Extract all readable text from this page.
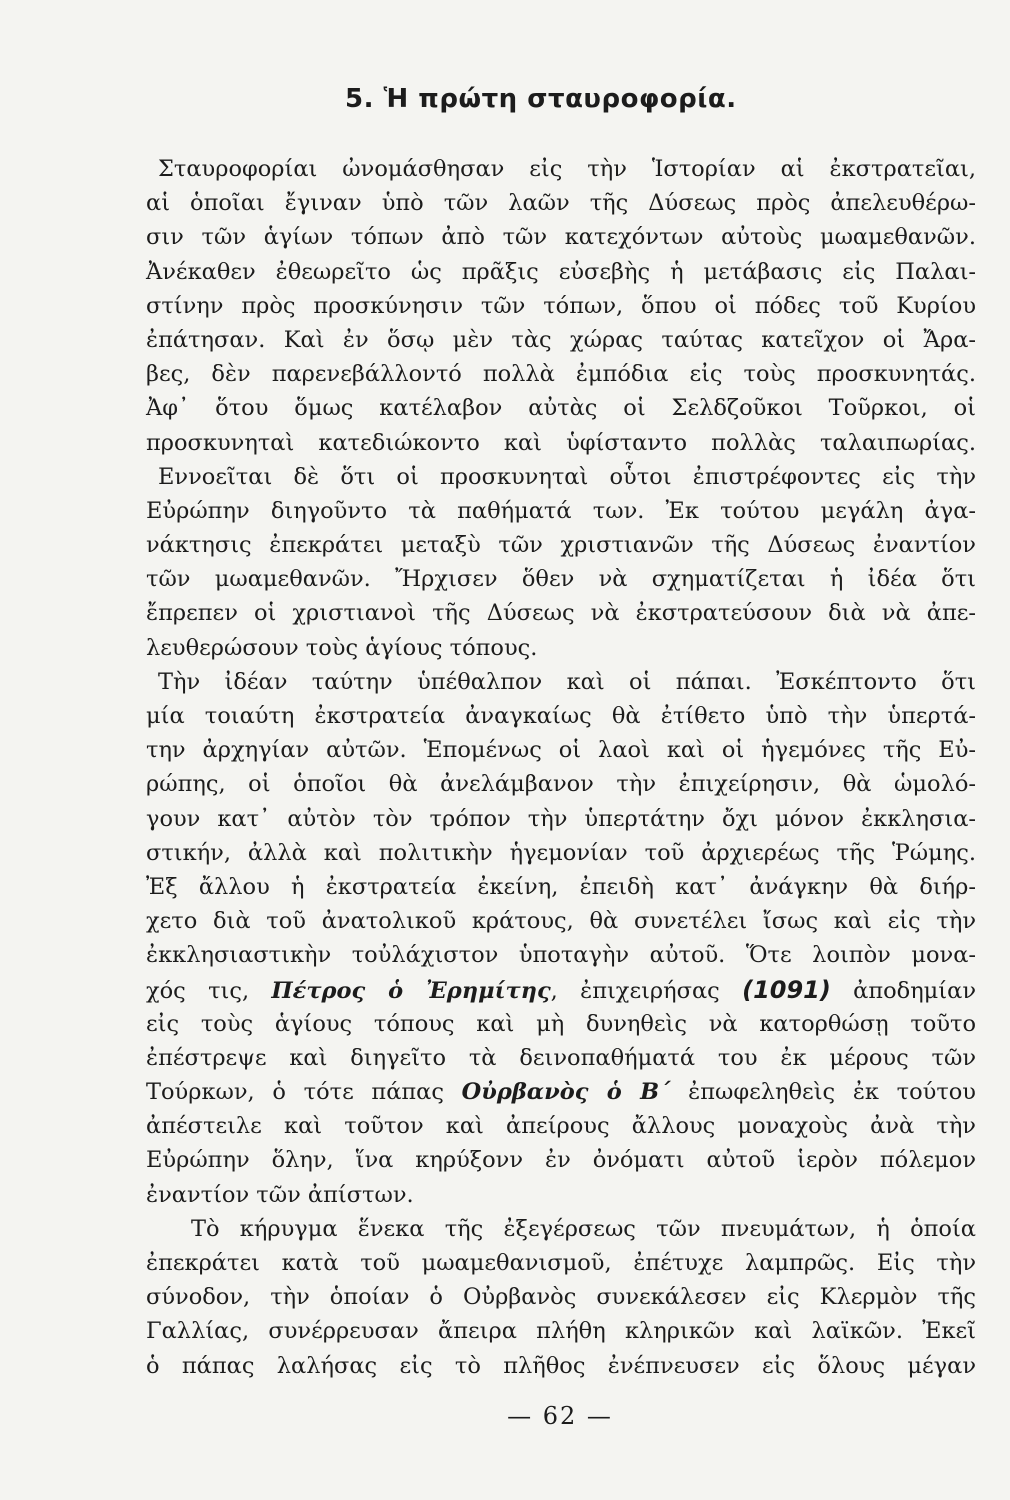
5. Ἡ πρώτη σταυροφορία.
Σταυροφορίαι ὠνομάσθησαν εἰς τὴν Ἱστορίαν αἱ ἐκστρατεῖαι,
αἱ ὁποῖαι ἔγιναν ὑπὸ τῶν λαῶν τῆς Δύσεως πρὸς ἀπελευθέρω-
σιν τῶν ἁγίων τόπων ἀπὸ τῶν κατεχόντων αὐτοὺς μωαμεθανῶν.
Ἀνέκαθεν ἐθεωρεῖτο ὡς πρᾶξις εὐσεβὴς ἡ μετάβασις εἰς Παλαι-
στίνην πρὸς προσκύνησιν τῶν τόπων, ὅπου οἱ πόδες τοῦ Κυρίου
ἐπάτησαν. Καὶ ἐν ὅσῳ μὲν τὰς χώρας ταύτας κατεῖχον οἱ Ἄρα-
βες, δὲν παρενεβάλλοντό πολλὰ ἐμπόδια εἰς τοὺς προσκυνητάς.
Ἀφ᾽ ὅτου ὅμως κατέλαβον αὐτὰς οἱ Σελδζοῦκοι Τοῦρκοι, οἱ
προσκυνηταὶ κατεδιώκοντο καὶ ὑφίσταντο πολλὰς ταλαιπωρίας.
Εννοεῖται δὲ ὅτι οἱ προσκυνηταὶ οὗτοι ἐπιστρέφοντες εἰς τὴν
Εὐρώπην διηγοῦντο τὰ παθήματά των. Ἐκ τούτου μεγάλη ἀγα-
νάκτησις ἐπεκράτει μεταξὺ τῶν χριστιανῶν τῆς Δύσεως ἐναντίον
τῶν μωαμεθανῶν. Ἤρχισεν ὅθεν νὰ σχηματίζεται ἡ ἰδέα ὅτι
ἔπρεπεν οἱ χριστιανοὶ τῆς Δύσεως νὰ ἐκστρατεύσουν διὰ νὰ ἀπε-
λευθερώσουν τοὺς ἁγίους τόπους.
Τὴν ἰδέαν ταύτην ὑπέθαλπον καὶ οἱ πάπαι. Ἐσκέπτοντο ὅτι
μία τοιαύτη ἐκστρατεία ἀναγκαίως θὰ ἐτίθετο ὑπὸ τὴν ὑπερτά-
την ἀρχηγίαν αὐτῶν. Ἑπομένως οἱ λαοὶ καὶ οἱ ἡγεμόνες τῆς Εὐ-
ρώπης, οἱ ὁποῖοι θὰ ἀνελάμβανον τὴν ἐπιχείρησιν, θὰ ὡμολό-
γουν κατ᾽ αὐτὸν τὸν τρόπον τὴν ὑπερτάτην ὄχι μόνον ἐκκλησια-
στικήν, ἀλλὰ καὶ πολιτικὴν ἡγεμονίαν τοῦ ἀρχιερέως τῆς Ῥώμης.
Ἐξ ἄλλου ἡ ἐκστρατεία ἐκείνη, ἐπειδὴ κατ᾽ ἀνάγκην θὰ διήρ-
χετο διὰ τοῦ ἀνατολικοῦ κράτους, θὰ συνετέλει ἴσως καὶ εἰς τὴν
ἐκκλησιαστικὴν τοὐλάχιστον ὑποταγὴν αὐτοῦ. Ὅτε λοιπὸν μονα-
χός τις, Πέτρος ὁ Ἐρημίτης, ἐπιχειρήσας (1091) ἀποδημίαν
εἰς τοὺς ἁγίους τόπους καὶ μὴ δυνηθεὶς νὰ κατορθώσῃ τοῦτο
ἐπέστρεψε καὶ διηγεῖτο τὰ δεινοπαθήματά του ἐκ μέρους τῶν
Τούρκων, ὁ τότε πάπας Οὐρβανὸς ὁ Β΄ ἐπωφεληθεὶς ἐκ τούτου
ἀπέστειλε καὶ τοῦτον καὶ ἀπείρους ἄλλους μοναχοὺς ἀνὰ τὴν
Εὐρώπην ὅλην, ἵνα κηρύξονν ἐν ὀνόματι αὐτοῦ ἱερὸν πόλεμον
ἐναντίον τῶν ἀπίστων.
Τὸ κήρυγμα ἕνεκα τῆς ἐξεγέρσεως τῶν πνευμάτων, ἡ ὁποία
ἐπεκράτει κατὰ τοῦ μωαμεθανισμοῦ, ἐπέτυχε λαμπρῶς. Εἰς τὴν
σύνοδον, τὴν ὁποίαν ὁ Οὐρβανὸς συνεκάλεσεν εἰς Κλερμὸν τῆς
Γαλλίας, συνέρρευσαν ἄπειρα πλήθη κληρικῶν καὶ λαϊκῶν. Ἐκεῖ
ὁ πάπας λαλήσας εἰς τὸ πλῆθος ἐνέπνευσεν εἰς ὅλους μέγαν
— 62 —
